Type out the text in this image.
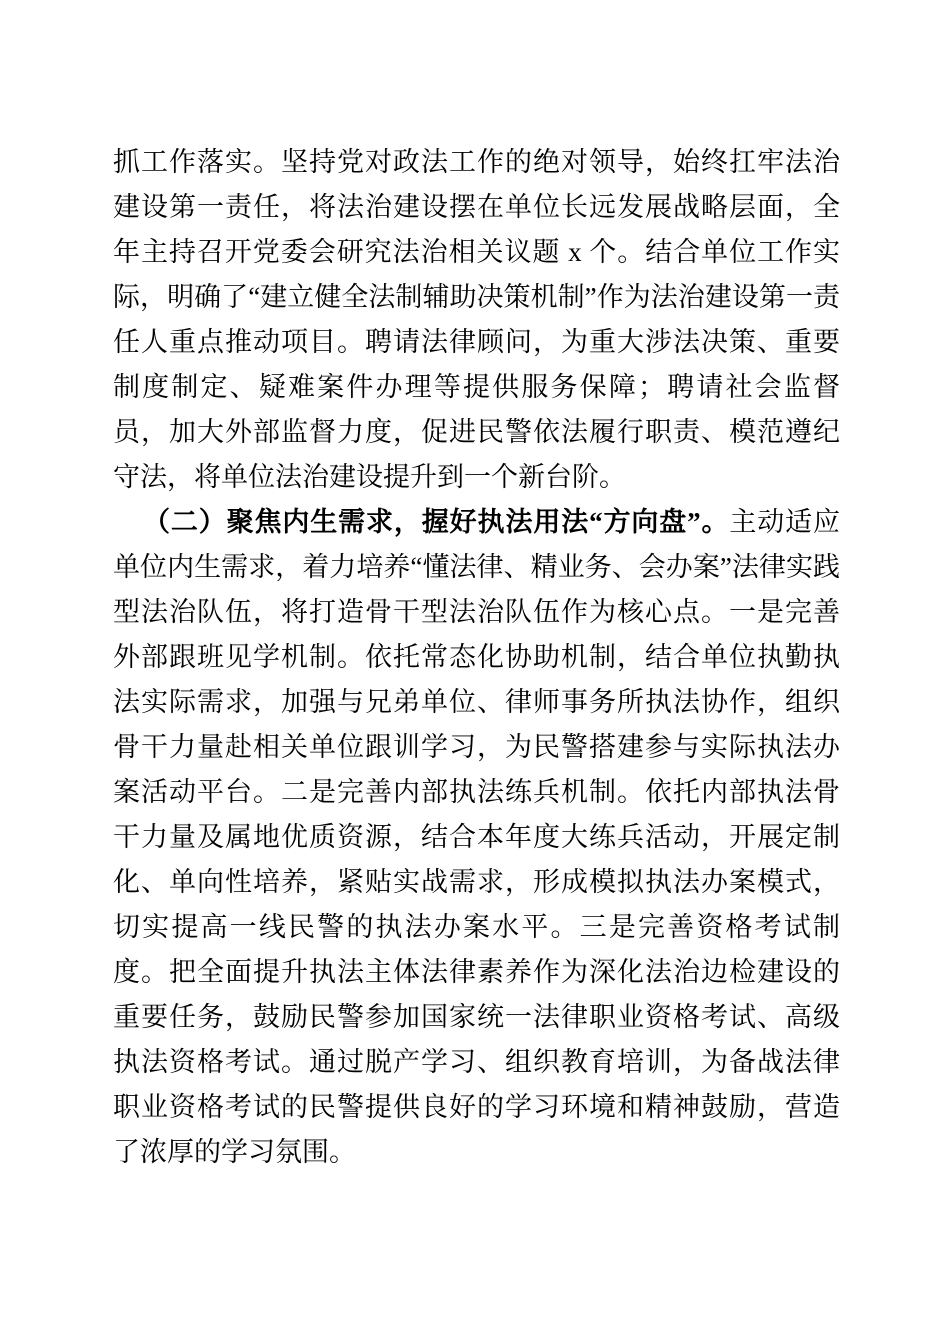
抓工作落实。坚持党对政法工作的绝对领导，始终扛牢法治建设第一责任，将法治建设摆在单位长远发展战略层面，全年主持召开党委会研究法治相关议题 x 个。结合单位工作实际，明确了“建立健全法制辅助决策机制”作为法治建设第一责任人重点推动项目。聘请法律顾问，为重大涉法决策、重要制度制定、疑难案件办理等提供服务保障；聘请社会监督员，加大外部监督力度，促进民警依法履行职责、模范遵纪守法，将单位法治建设提升到一个新台阶。

（二）聚焦内生需求，握好执法用法“方向盘”。主动适应单位内生需求，着力培养“懂法律、精业务、会办案”法律实践型法治队伍，将打造骨干型法治队伍作为核心点。一是完善外部跟班见学机制。依托常态化协助机制，结合单位执勤执法实际需求，加强与兄弟单位、律师事务所执法协作，组织骨干力量赴相关单位跟训学习，为民警搭建参与实际执法办案活动平台。二是完善内部执法练兵机制。依托内部执法骨干力量及属地优质资源，结合本年度大练兵活动，开展定制化、单向性培养，紧贴实战需求，形成模拟执法办案模式，切实提高一线民警的执法办案水平。三是完善资格考试制度。把全面提升执法主体法律素养作为深化法治边检建设的重要任务，鼓励民警参加国家统一法律职业资格考试、高级执法资格考试。通过脱产学习、组织教育培训，为备战法律职业资格考试的民警提供良好的学习环境和精神鼓励，营造了浓厚的学习氛围。
